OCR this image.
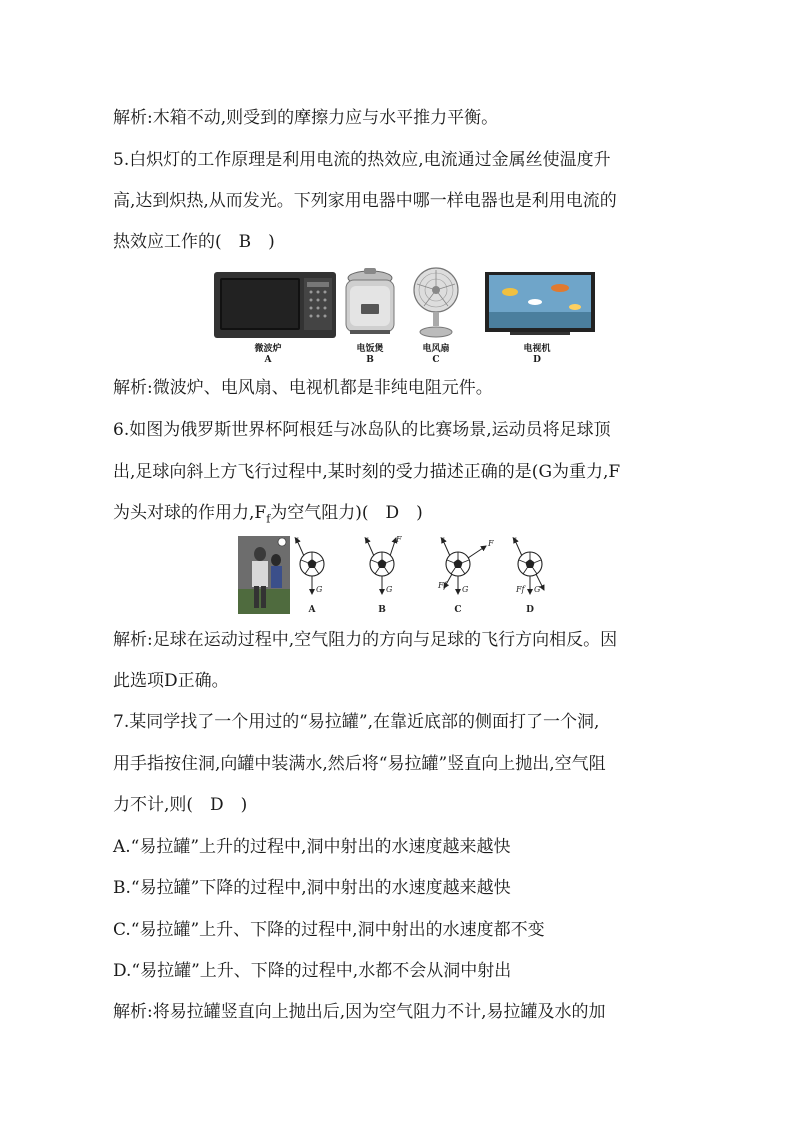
解析:木箱不动,则受到的摩擦力应与水平推力平衡。
5.白炽灯的工作原理是利用电流的热效应,电流通过金属丝使温度升
高,达到炽热,从而发光。下列家用电器中哪一样电器也是利用电流的
热效应工作的(　B　)
微波炉
A
电饭煲
B
电风扇
C
电视机
D
解析:微波炉、电风扇、电视机都是非纯电阻元件。
6.如图为俄罗斯世界杯阿根廷与冰岛队的比赛场景,运动员将足球顶
出,足球向斜上方飞行过程中,某时刻的受力描述正确的是(G为重力,F
为头对球的作用力$,F_f$为空气阻力)(　D　)
v
G
v	F
G
v	F
Ff G
v
Ff G
A	B	C	D
解析:足球在运动过程中,空气阻力的方向与足球的飞行方向相反。因
此选项D正确。
7.某同学找了一个用过的“易拉罐”,在靠近底部的侧面打了一个洞,
用手指按住洞,向罐中装满水,然后将“易拉罐”竖直向上抛出,空气阻
力不计,则(　D　)
A.“易拉罐”上升的过程中,洞中射出的水速度越来越快
B.“易拉罐”下降的过程中,洞中射出的水速度越来越快
C.“易拉罐”上升、下降的过程中,洞中射出的水速度都不变
D.“易拉罐”上升、下降的过程中,水都不会从洞中射出
解析:将易拉罐竖直向上抛出后,因为空气阻力不计,易拉罐及水的加
